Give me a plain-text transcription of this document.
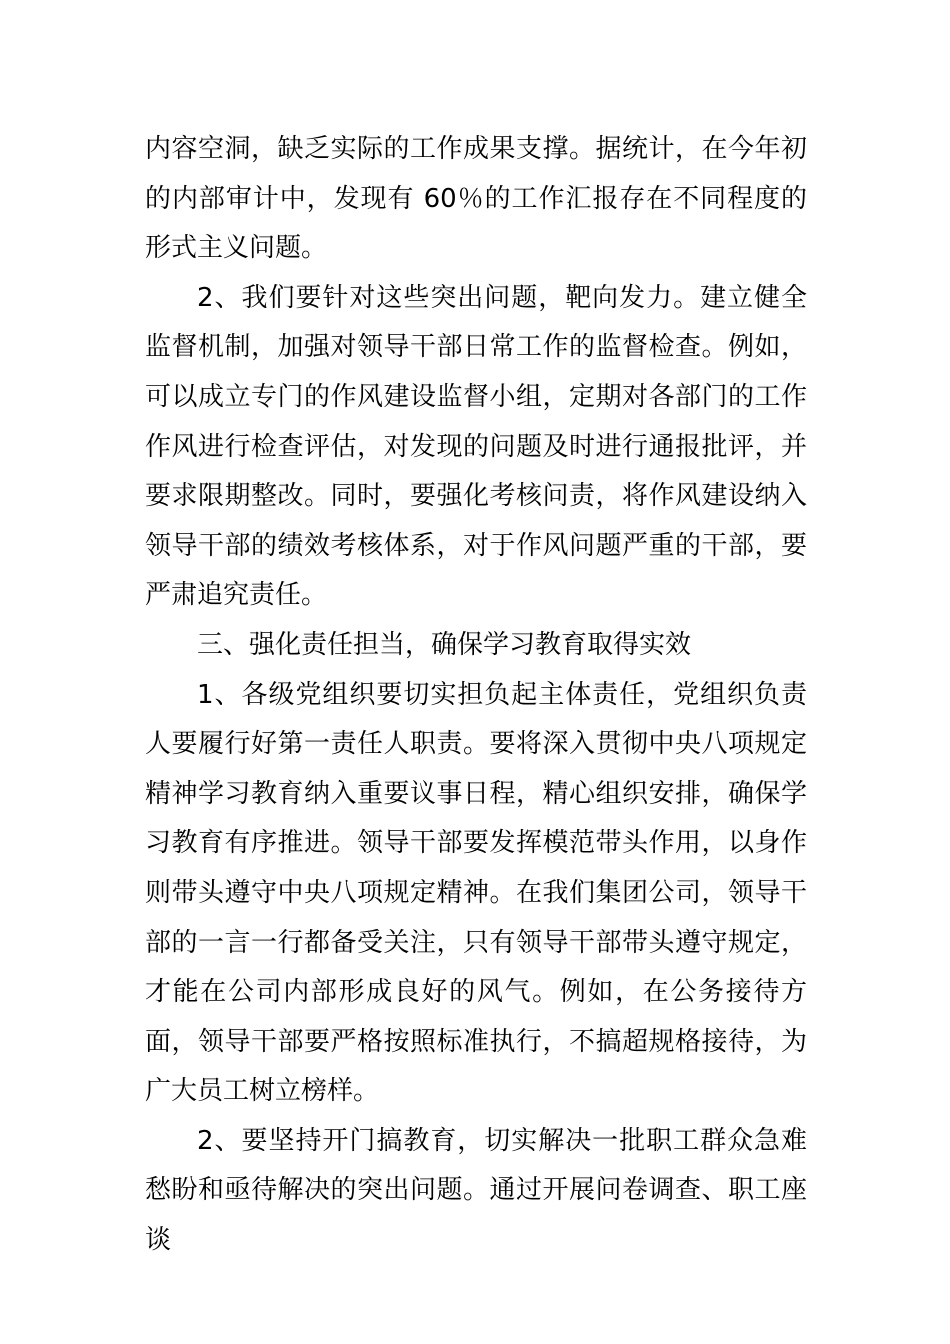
内容空洞，缺乏实际的工作成果支撑。据统计，在今年初的内部审计中，发现有 60％的工作汇报存在不同程度的形式主义问题。

2、我们要针对这些突出问题，靶向发力。建立健全监督机制，加强对领导干部日常工作的监督检查。例如，可以成立专门的作风建设监督小组，定期对各部门的工作作风进行检查评估，对发现的问题及时进行通报批评，并要求限期整改。同时，要强化考核问责，将作风建设纳入领导干部的绩效考核体系，对于作风问题严重的干部，要严肃追究责任。

三、强化责任担当，确保学习教育取得实效

1、各级党组织要切实担负起主体责任，党组织负责人要履行好第一责任人职责。要将深入贯彻中央八项规定精神学习教育纳入重要议事日程，精心组织安排，确保学习教育有序推进。领导干部要发挥模范带头作用，以身作则带头遵守中央八项规定精神。在我们集团公司，领导干部的一言一行都备受关注，只有领导干部带头遵守规定，才能在公司内部形成良好的风气。例如，在公务接待方面，领导干部要严格按照标准执行，不搞超规格接待，为广大员工树立榜样。

2、要坚持开门搞教育，切实解决一批职工群众急难愁盼和亟待解决的突出问题。通过开展问卷调查、职工座谈
